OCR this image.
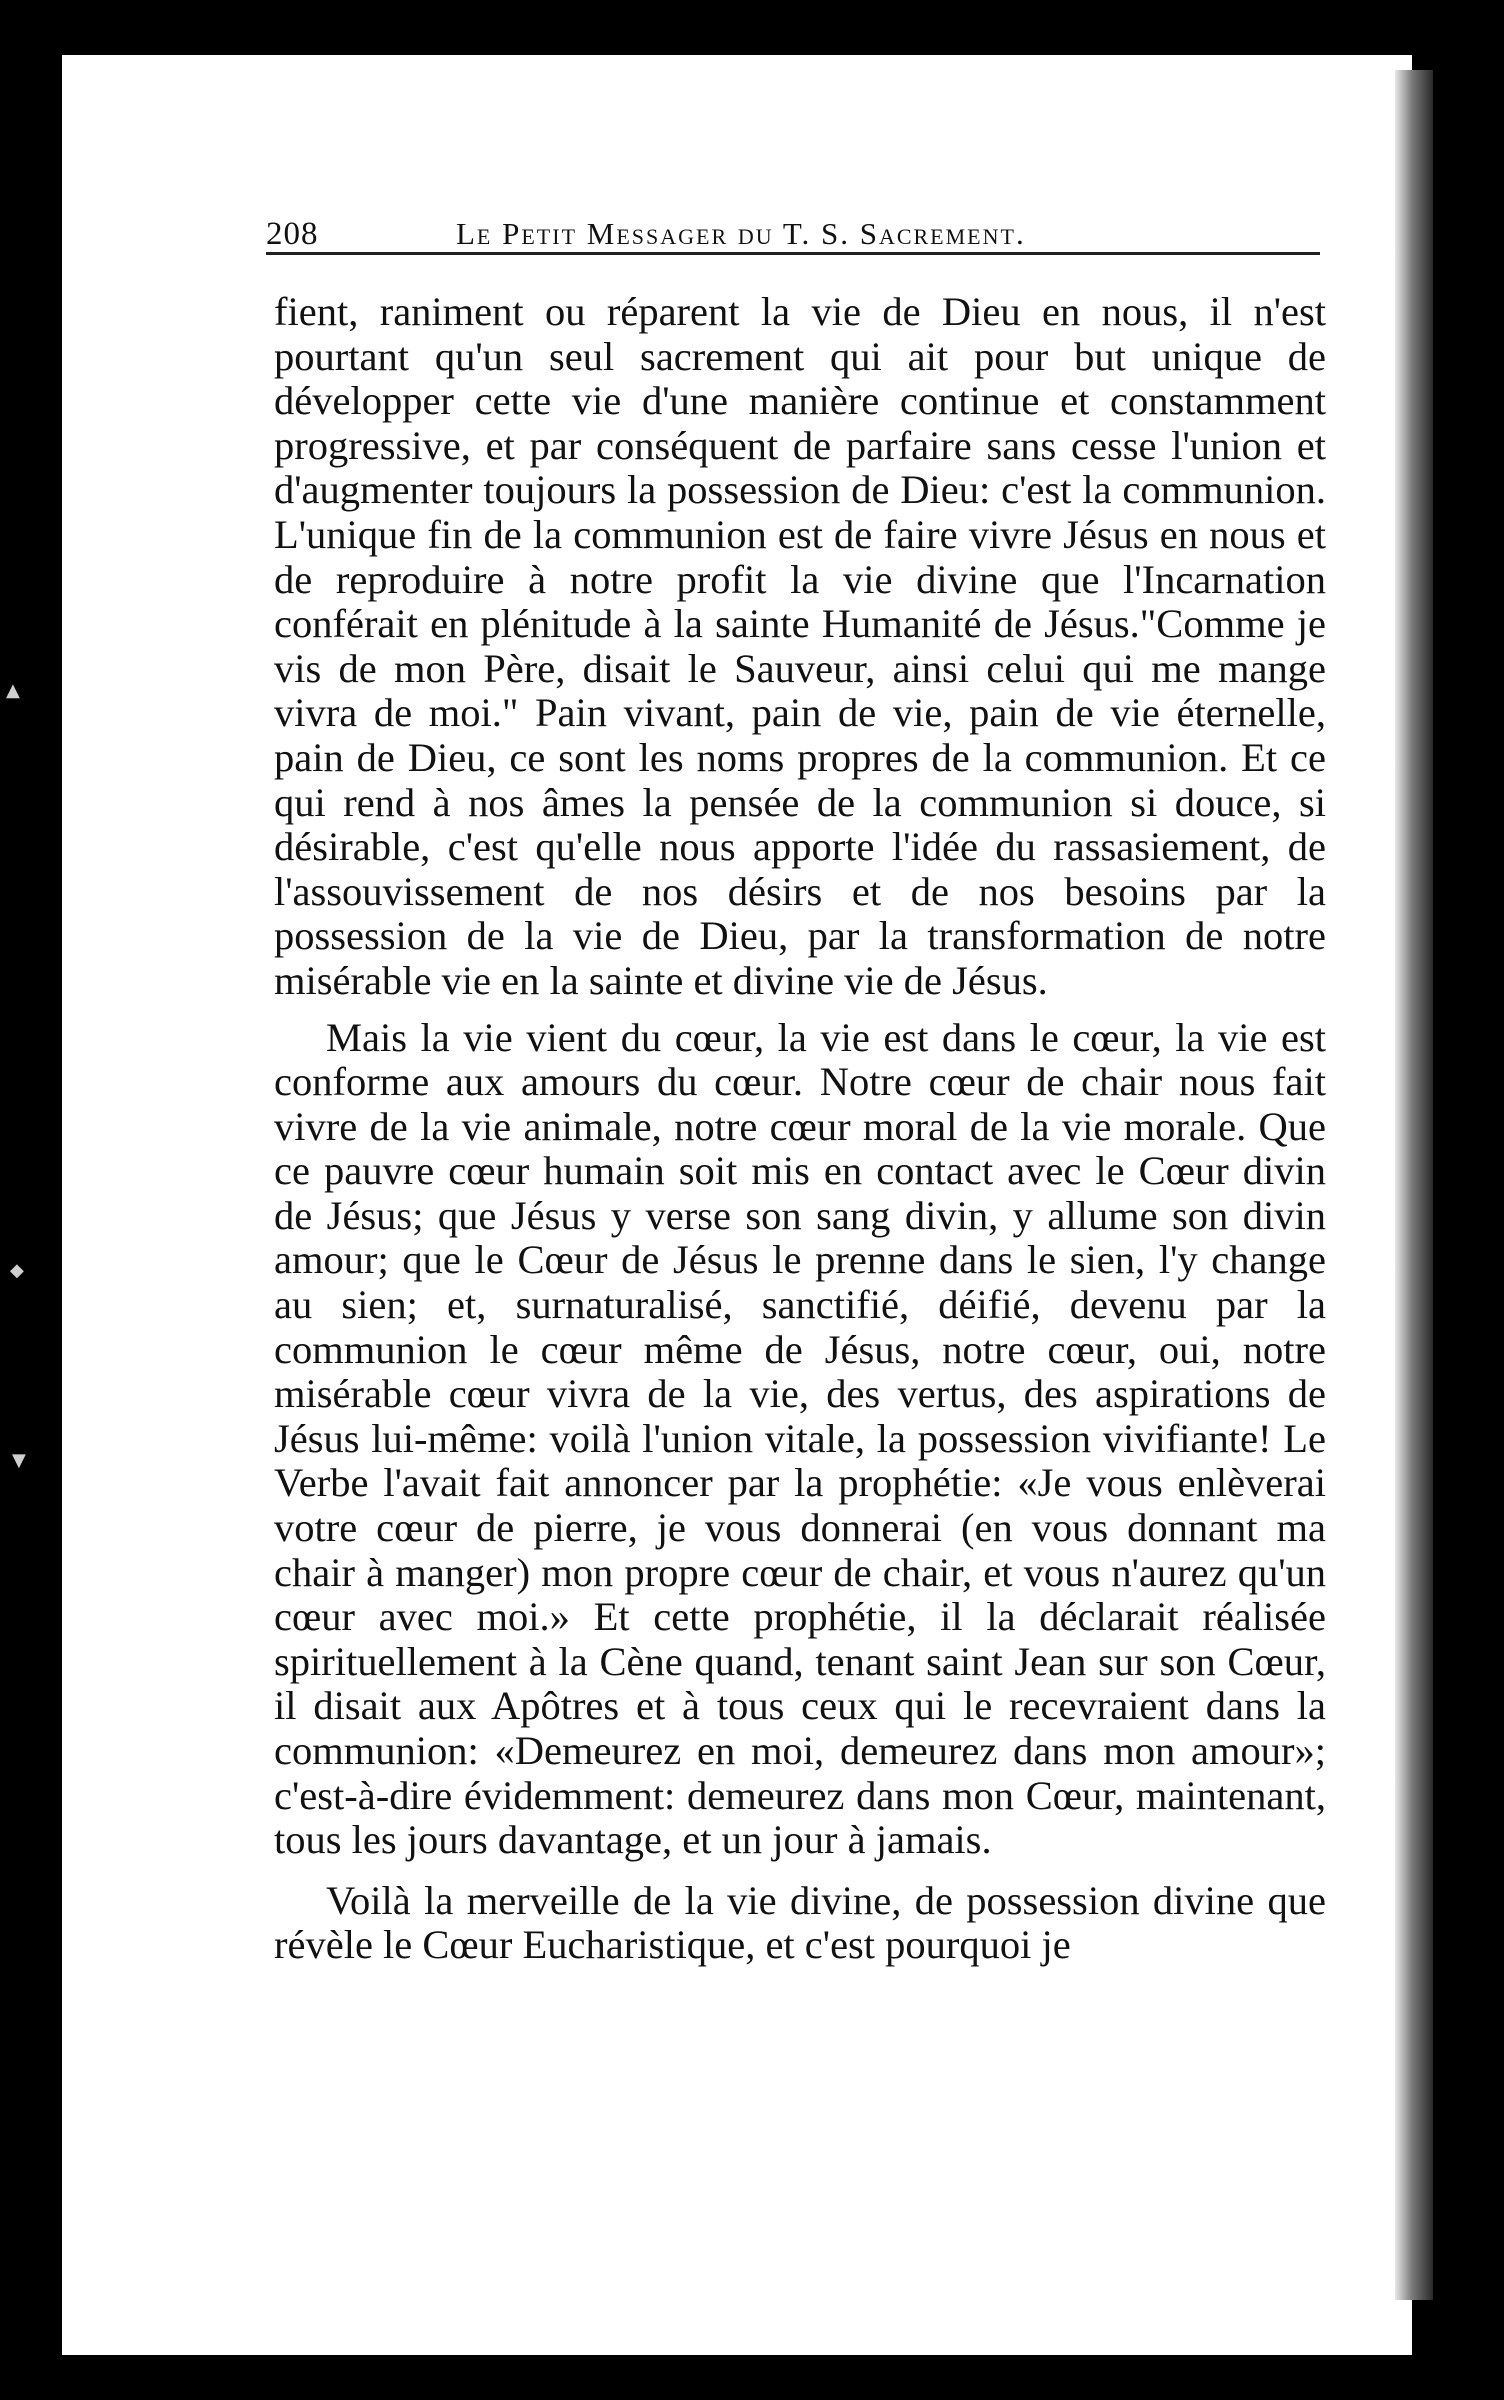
▲
◆
▼
208	Le Petit Messager du T. S. Sacrement.

fient, raniment ou réparent la vie de Dieu en nous, il n'est pourtant qu'un seul sacrement qui ait pour but unique de développer cette vie d'une manière continue et constamment progressive, et par conséquent de parfaire sans cesse l'union et d'augmenter toujours la possession de Dieu: c'est la communion. L'unique fin de la communion est de faire vivre Jésus en nous et de reproduire à notre profit la vie divine que l'Incarnation conférait en plénitude à la sainte Humanité de Jésus."Comme je vis de mon Père, disait le Sauveur, ainsi celui qui me mange vivra de moi." Pain vivant, pain de vie, pain de vie éternelle, pain de Dieu, ce sont les noms propres de la communion. Et ce qui rend à nos âmes la pensée de la communion si douce, si désirable, c'est qu'elle nous apporte l'idée du rassasiement, de l'assouvissement de nos désirs et de nos besoins par la possession de la vie de Dieu, par la transformation de notre misérable vie en la sainte et divine vie de Jésus.

Mais la vie vient du cœur, la vie est dans le cœur, la vie est conforme aux amours du cœur. Notre cœur de chair nous fait vivre de la vie animale, notre cœur moral de la vie morale. Que ce pauvre cœur humain soit mis en contact avec le Cœur divin de Jésus; que Jésus y verse son sang divin, y allume son divin amour; que le Cœur de Jésus le prenne dans le sien, l'y change au sien; et, surnaturalisé, sanctifié, déifié, devenu par la communion le cœur même de Jésus, notre cœur, oui, notre misérable cœur vivra de la vie, des vertus, des aspirations de Jésus lui-même: voilà l'union vitale, la possession vivifiante! Le Verbe l'avait fait annoncer par la prophétie: «Je vous enlèverai votre cœur de pierre, je vous donnerai (en vous donnant ma chair à manger) mon propre cœur de chair, et vous n'aurez qu'un cœur avec moi.» Et cette prophétie, il la déclarait réalisée spirituellement à la Cène quand, tenant saint Jean sur son Cœur, il disait aux Apôtres et à tous ceux qui le recevraient dans la communion: «Demeurez en moi, demeurez dans mon amour»; c'est-à-dire évidemment: demeurez dans mon Cœur, maintenant, tous les jours davantage, et un jour à jamais.

Voilà la merveille de la vie divine, de possession divine que révèle le Cœur Eucharistique, et c'est pourquoi je
